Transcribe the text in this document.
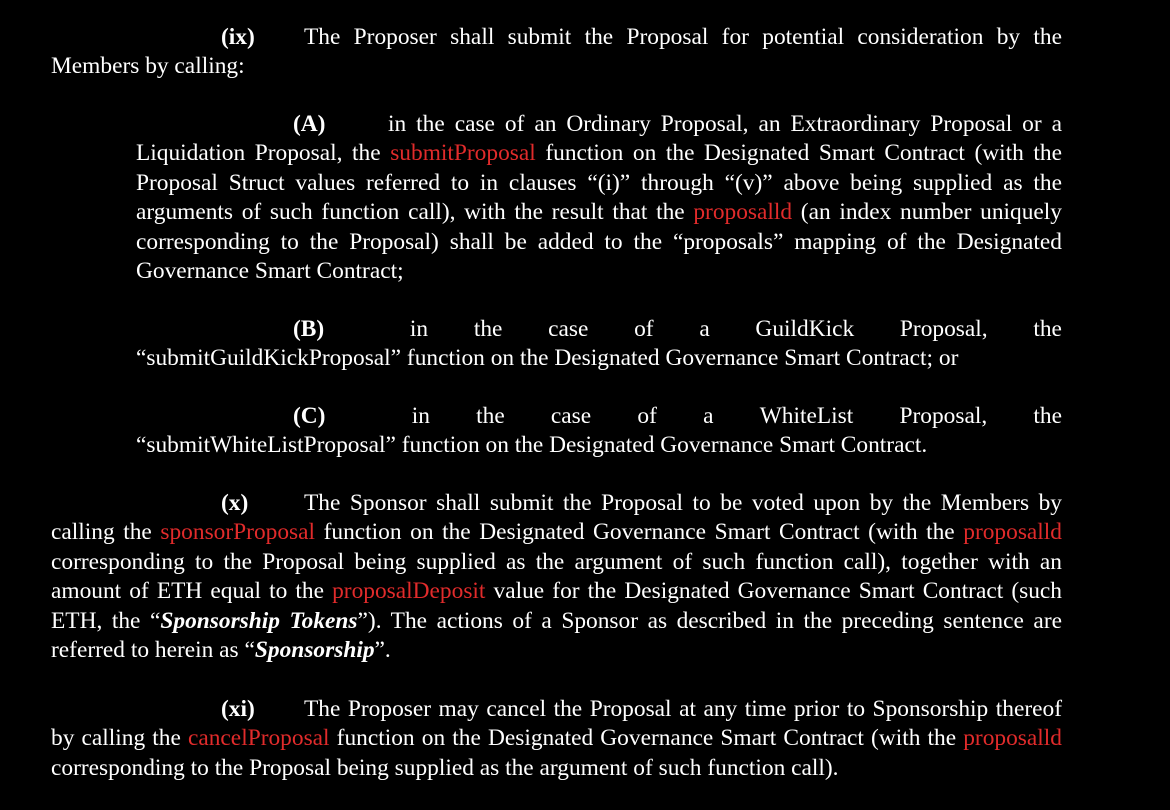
(ix) The Proposer shall submit the Proposal for potential consideration by the Members by calling:

(A)	in the case of an Ordinary Proposal, an Extraordinary Proposal or a Liquidation Proposal, the submitProposal function on the Designated Smart Contract (with the Proposal Struct values referred to in clauses “(i)” through “(v)” above being supplied as the arguments of such function call), with the result that the proposalld (an index number uniquely corresponding to the Proposal) shall be added to the “proposals” mapping of the Designated Governance Smart Contract;

(B)	in the case of a GuildKick Proposal, the
“submitGuildKickProposal” function on the Designated Governance Smart Contract; or
(C)	in the case of a WhiteList Proposal, the
“submitWhiteListProposal” function on the Designated Governance Smart Contract.

(x) The Sponsor shall submit the Proposal to be voted upon by the Members by calling the sponsorProposal function on the Designated Governance Smart Contract (with the proposalld corresponding to the Proposal being supplied as the argument of such function call), together with an amount of ETH equal to the proposalDeposit value for the Designated Governance Smart Contract (such ETH, the “Sponsorship Tokens”). The actions of a Sponsor as described in the preceding sentence are referred to herein as “Sponsorship”.

(xi) The Proposer may cancel the Proposal at any time prior to Sponsorship thereof by calling the cancelProposal function on the Designated Governance Smart Contract (with the proposalld corresponding to the Proposal being supplied as the argument of such function call).
